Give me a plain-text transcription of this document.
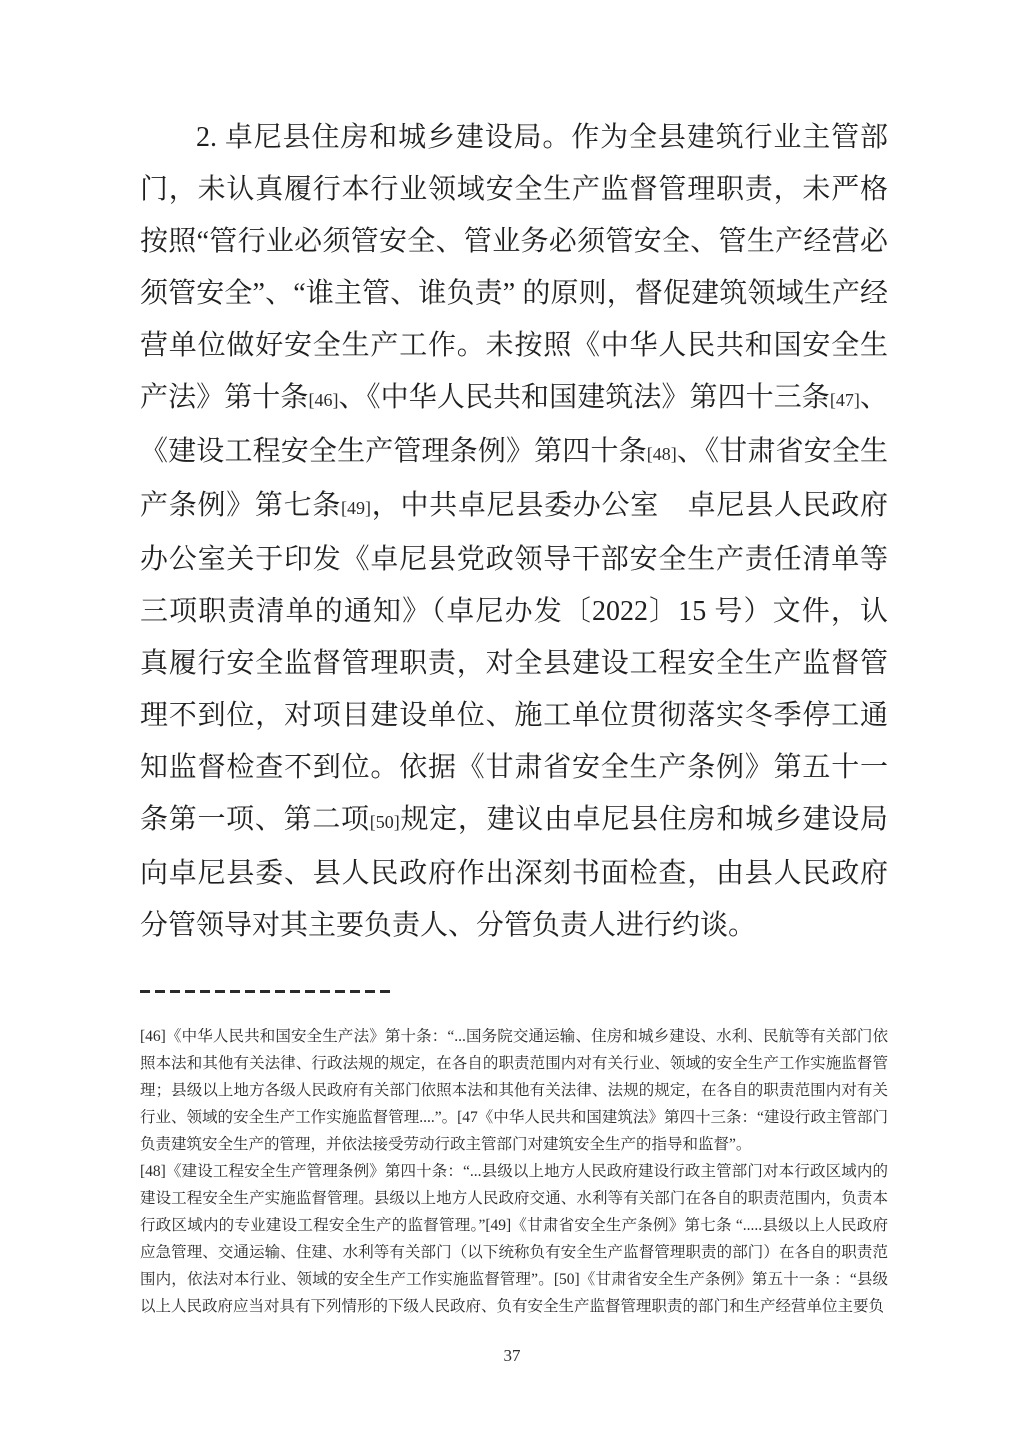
2. 卓尼县住房和城乡建设局。作为全县建筑行业主管部门，未认真履行本行业领域安全生产监督管理职责，未严格按照“管行业必须管安全、管业务必须管安全、管生产经营必须管安全”、“谁主管、谁负责” 的原则，督促建筑领域生产经营单位做好安全生产工作。未按照《中华人民共和国安全生产法》第十条[46]、《中华人民共和国建筑法》第四十三条[47]、《建设工程安全生产管理条例》第四十条[48]、《甘肃省安全生产条例》第七条[49]，中共卓尼县委办公室　卓尼县人民政府办公室关于印发《卓尼县党政领导干部安全生产责任清单等三项职责清单的通知》（卓尼办发〔2022〕15 号）文件，认真履行安全监督管理职责，对全县建设工程安全生产监督管理不到位，对项目建设单位、施工单位贯彻落实冬季停工通知监督检查不到位。依据《甘肃省安全生产条例》第五十一条第一项、第二项[50]规定，建议由卓尼县住房和城乡建设局向卓尼县委、县人民政府作出深刻书面检查，由县人民政府分管领导对其主要负责人、分管负责人进行约谈。

[46]《中华人民共和国安全生产法》第十条：“...国务院交通运输、住房和城乡建设、水利、民航等有关部门依照本法和其他有关法律、行政法规的规定，在各自的职责范围内对有关行业、领域的安全生产工作实施监督管理；县级以上地方各级人民政府有关部门依照本法和其他有关法律、法规的规定，在各自的职责范围内对有关行业、领域的安全生产工作实施监督管理....”。[47《中华人民共和国建筑法》第四十三条：“建设行政主管部门负责建筑安全生产的管理，并依法接受劳动行政主管部门对建筑安全生产的指导和监督”。

[48]《建设工程安全生产管理条例》第四十条：“...县级以上地方人民政府建设行政主管部门对本行政区域内的建设工程安全生产实施监督管理。县级以上地方人民政府交通、水利等有关部门在各自的职责范围内，负责本行政区域内的专业建设工程安全生产的监督管理。”[49]《甘肃省安全生产条例》第七条 “.....县级以上人民政府应急管理、交通运输、住建、水利等有关部门（以下统称负有安全生产监督管理职责的部门）在各自的职责范围内，依法对本行业、领域的安全生产工作实施监督管理”。[50]《甘肃省安全生产条例》第五十一条 ：“县级以上人民政府应当对具有下列情形的下级人民政府、负有安全生产监督管理职责的部门和生产经营单位主要负

37
